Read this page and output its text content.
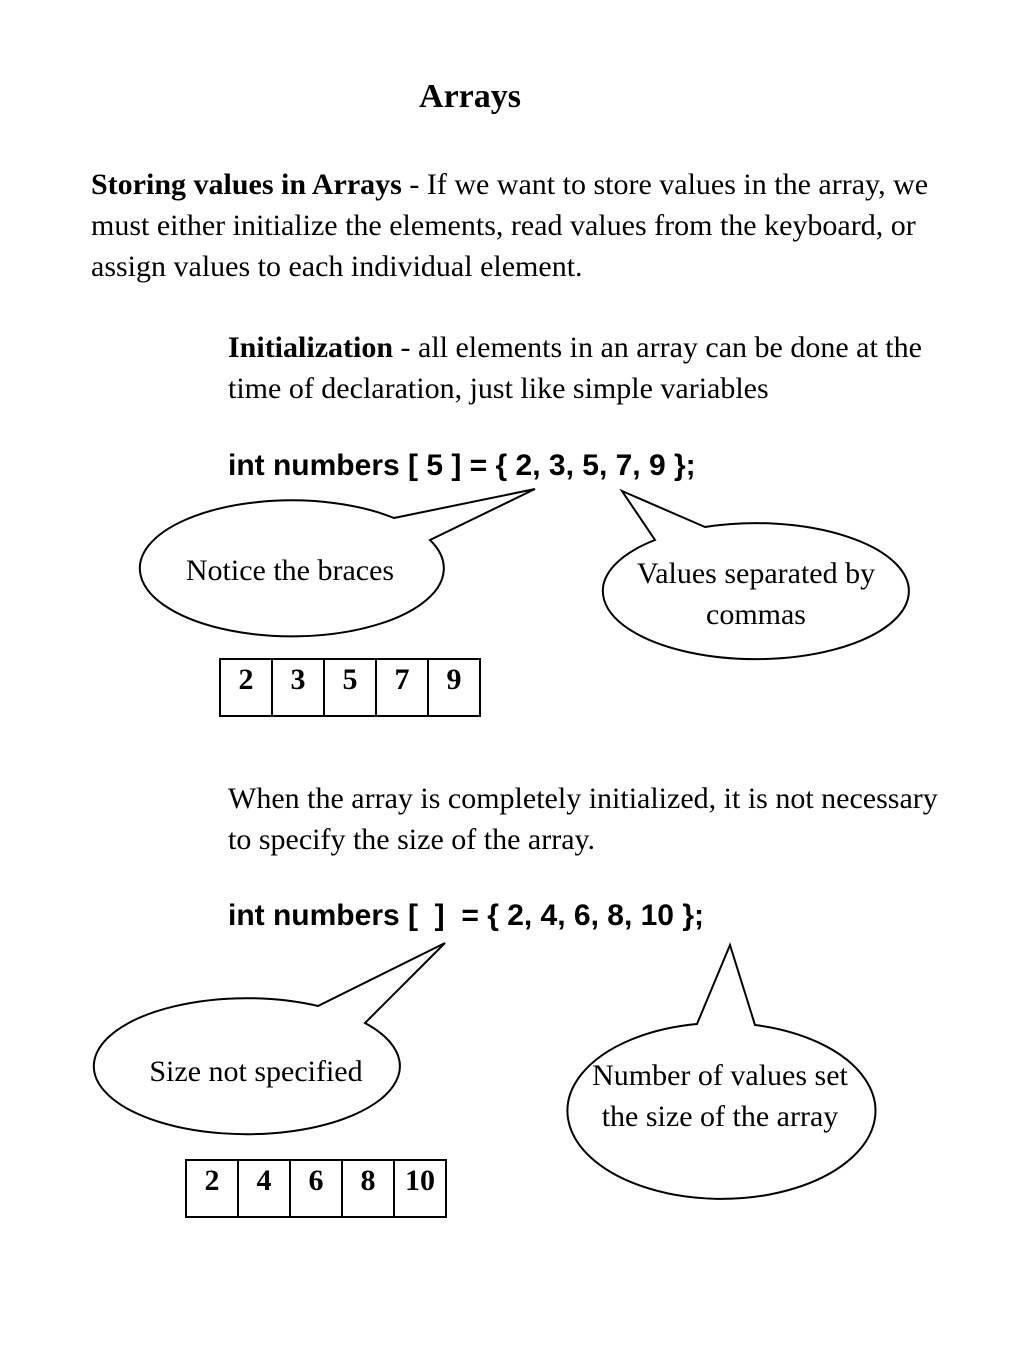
Arrays
Storing values in Arrays - If we want to store values in the array, we must either initialize the elements, read values from the keyboard, or assign values to each individual element.
Initialization - all elements in an array can be done at the time of declaration, just like simple variables
int numbers [ 5 ] = { 2, 3, 5, 7, 9 };
Notice the braces	Values separated by commas
2	3	5	7	9
When the array is completely initialized, it is not necessary to specify the size of the array.
int numbers [  ]  = { 2, 4, 6, 8, 10 };
Size not specified	Number of values set the size of the array
2	4	6	8	10
